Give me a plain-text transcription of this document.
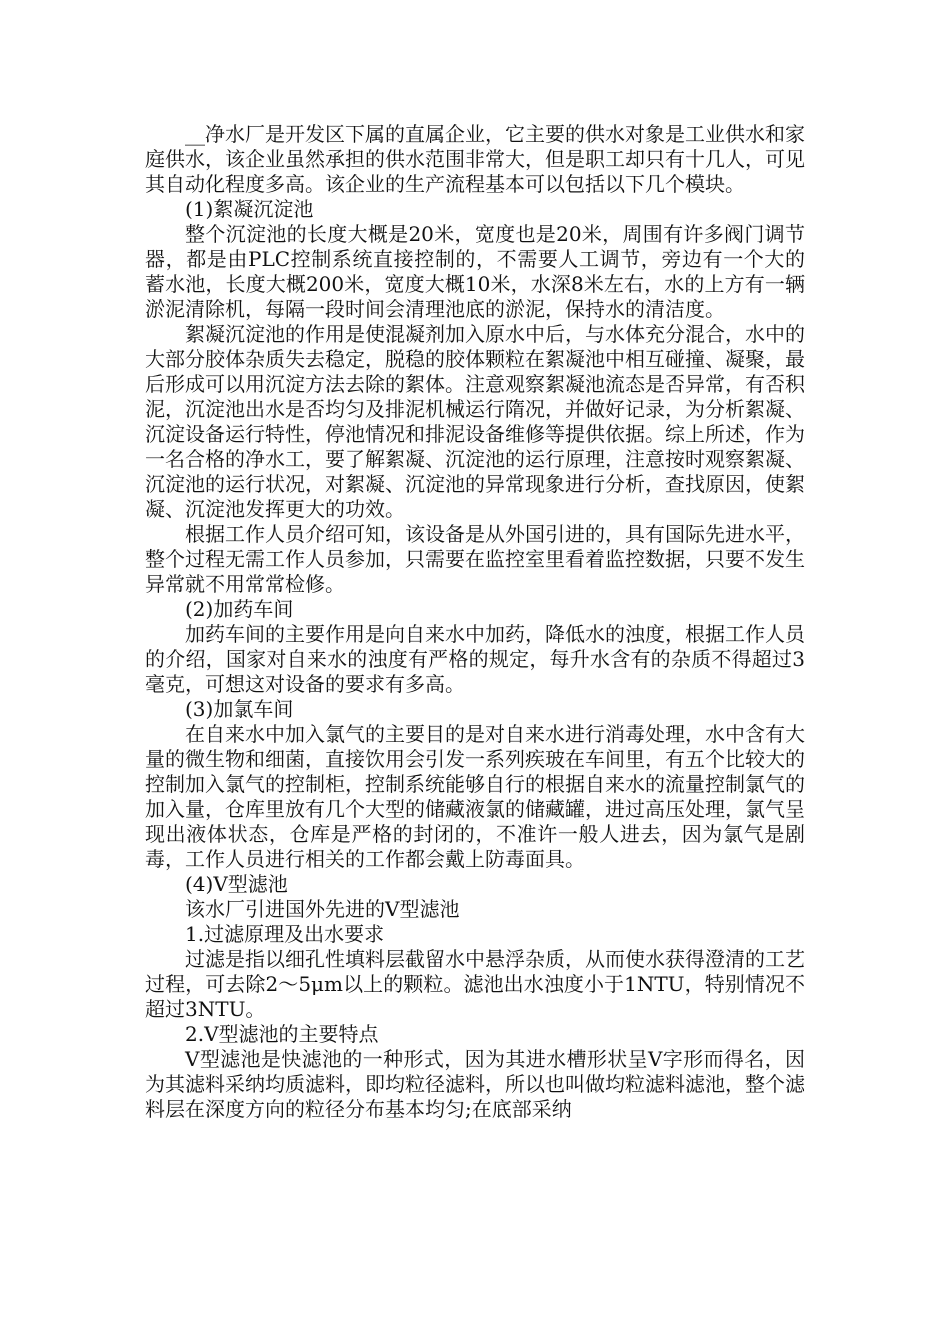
__净水厂是开发区下属的直属企业，它主要的供水对象是工业供水和家庭供水，该企业虽然承担的供水范围非常大，但是职工却只有十几人，可见其自动化程度多高。该企业的生产流程基本可以包括以下几个模块。

(1)絮凝沉淀池

整个沉淀池的长度大概是20米，宽度也是20米，周围有许多阀门调节器，都是由PLC控制系统直接控制的，不需要人工调节，旁边有一个大的蓄水池，长度大概200米，宽度大概10米，水深8米左右，水的上方有一辆淤泥清除机，每隔一段时间会清理池底的淤泥，保持水的清洁度。

絮凝沉淀池的作用是使混凝剂加入原水中后，与水体充分混合，水中的大部分胶体杂质失去稳定，脱稳的胶体颗粒在絮凝池中相互碰撞、凝聚，最后形成可以用沉淀方法去除的絮体。注意观察絮凝池流态是否异常，有否积泥，沉淀池出水是否均匀及排泥机械运行隋况，并做好记录，为分析絮凝、沉淀设备运行特性，停池情况和排泥设备维修等提供依据。综上所述，作为一名合格的净水工，要了解絮凝、沉淀池的运行原理，注意按时观察絮凝、沉淀池的运行状况，对絮凝、沉淀池的异常现象进行分析，查找原因，使絮凝、沉淀池发挥更大的功效。

根据工作人员介绍可知，该设备是从外国引进的，具有国际先进水平，整个过程无需工作人员参加，只需要在监控室里看着监控数据，只要不发生异常就不用常常检修。

(2)加药车间

加药车间的主要作用是向自来水中加药，降低水的浊度，根据工作人员的介绍，国家对自来水的浊度有严格的规定，每升水含有的杂质不得超过3毫克，可想这对设备的要求有多高。

(3)加氯车间

在自来水中加入氯气的主要目的是对自来水进行消毒处理，水中含有大量的微生物和细菌，直接饮用会引发一系列疾玻在车间里，有五个比较大的控制加入氯气的控制柜，控制系统能够自行的根据自来水的流量控制氯气的加入量，仓库里放有几个大型的储藏液氯的储藏罐，进过高压处理，氯气呈现出液体状态，仓库是严格的封闭的，不准许一般人进去，因为氯气是剧毒，工作人员进行相关的工作都会戴上防毒面具。

(4)V型滤池

该水厂引进国外先进的V型滤池

1.过滤原理及出水要求

过滤是指以细孔性填料层截留水中悬浮杂质，从而使水获得澄清的工艺过程，可去除2～5μm以上的颗粒。滤池出水浊度小于1NTU，特别情况不超过3NTU。

2.V型滤池的主要特点

V型滤池是快滤池的一种形式，因为其进水槽形状呈V字形而得名，因为其滤料采纳均质滤料，即均粒径滤料，所以也叫做均粒滤料滤池，整个滤料层在深度方向的粒径分布基本均匀;在底部采纳
